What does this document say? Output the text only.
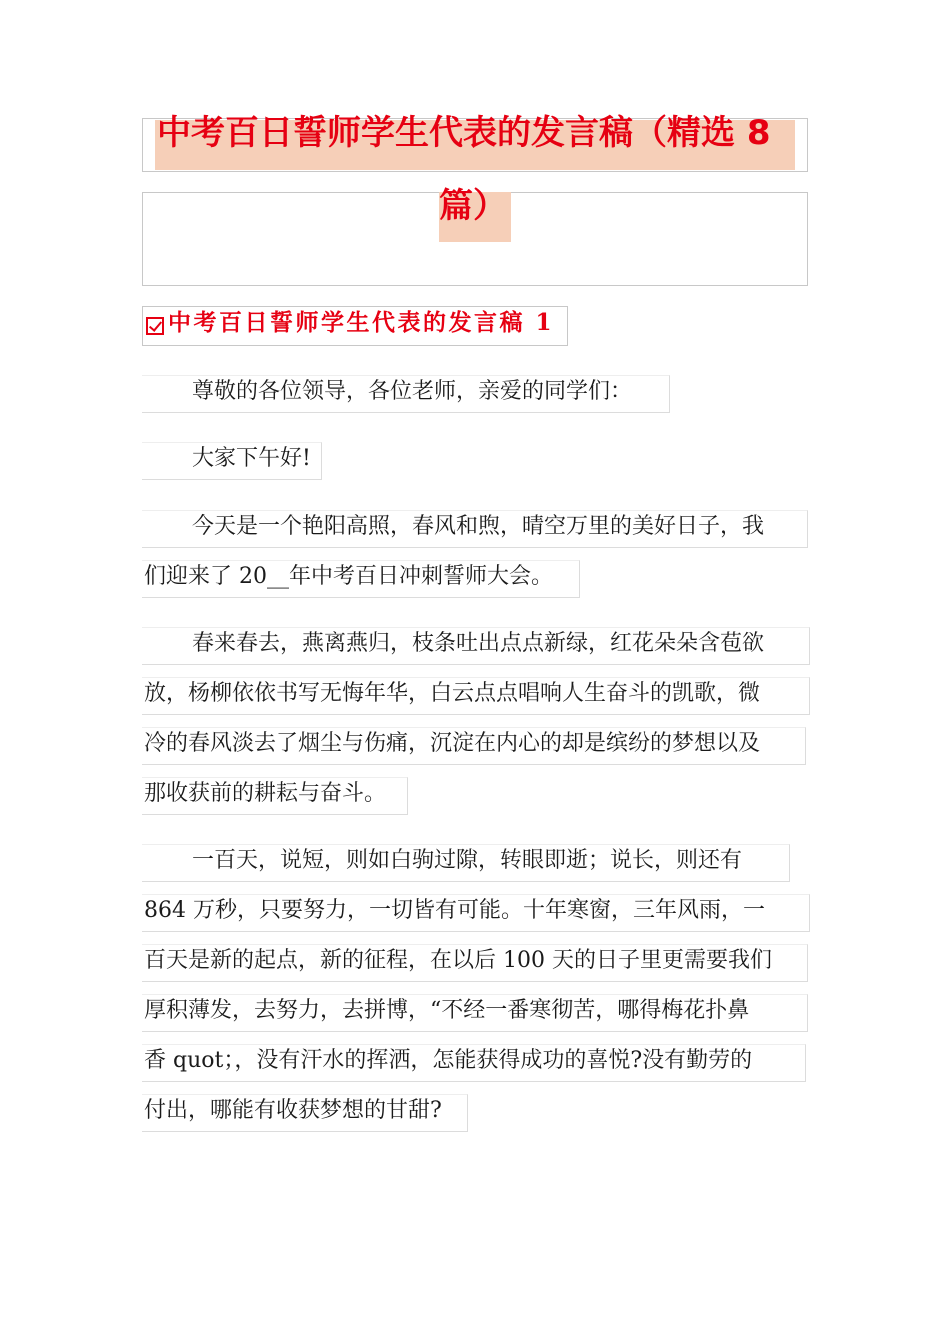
中考百日誓师学生代表的发言稿（精选 8
篇）
中考百日誓师学生代表的发言稿 1
尊敬的各位领导，各位老师，亲爱的同学们：
大家下午好!
今天是一个艳阳高照，春风和煦，晴空万里的美好日子，我
们迎来了 20__年中考百日冲刺誓师大会。
春来春去，燕离燕归，枝条吐出点点新绿，红花朵朵含苞欲
放，杨柳依依书写无悔年华，白云点点唱响人生奋斗的凯歌，微
冷的春风淡去了烟尘与伤痛，沉淀在内心的却是缤纷的梦想以及
那收获前的耕耘与奋斗。
一百天，说短，则如白驹过隙，转眼即逝；说长，则还有
864 万秒，只要努力，一切皆有可能。十年寒窗，三年风雨，一
百天是新的起点，新的征程，在以后 100 天的日子里更需要我们
厚积薄发，去努力，去拼博，“不经一番寒彻苦，哪得梅花扑鼻
香 quot；，没有汗水的挥洒，怎能获得成功的喜悦?没有勤劳的
付出，哪能有收获梦想的甘甜?
